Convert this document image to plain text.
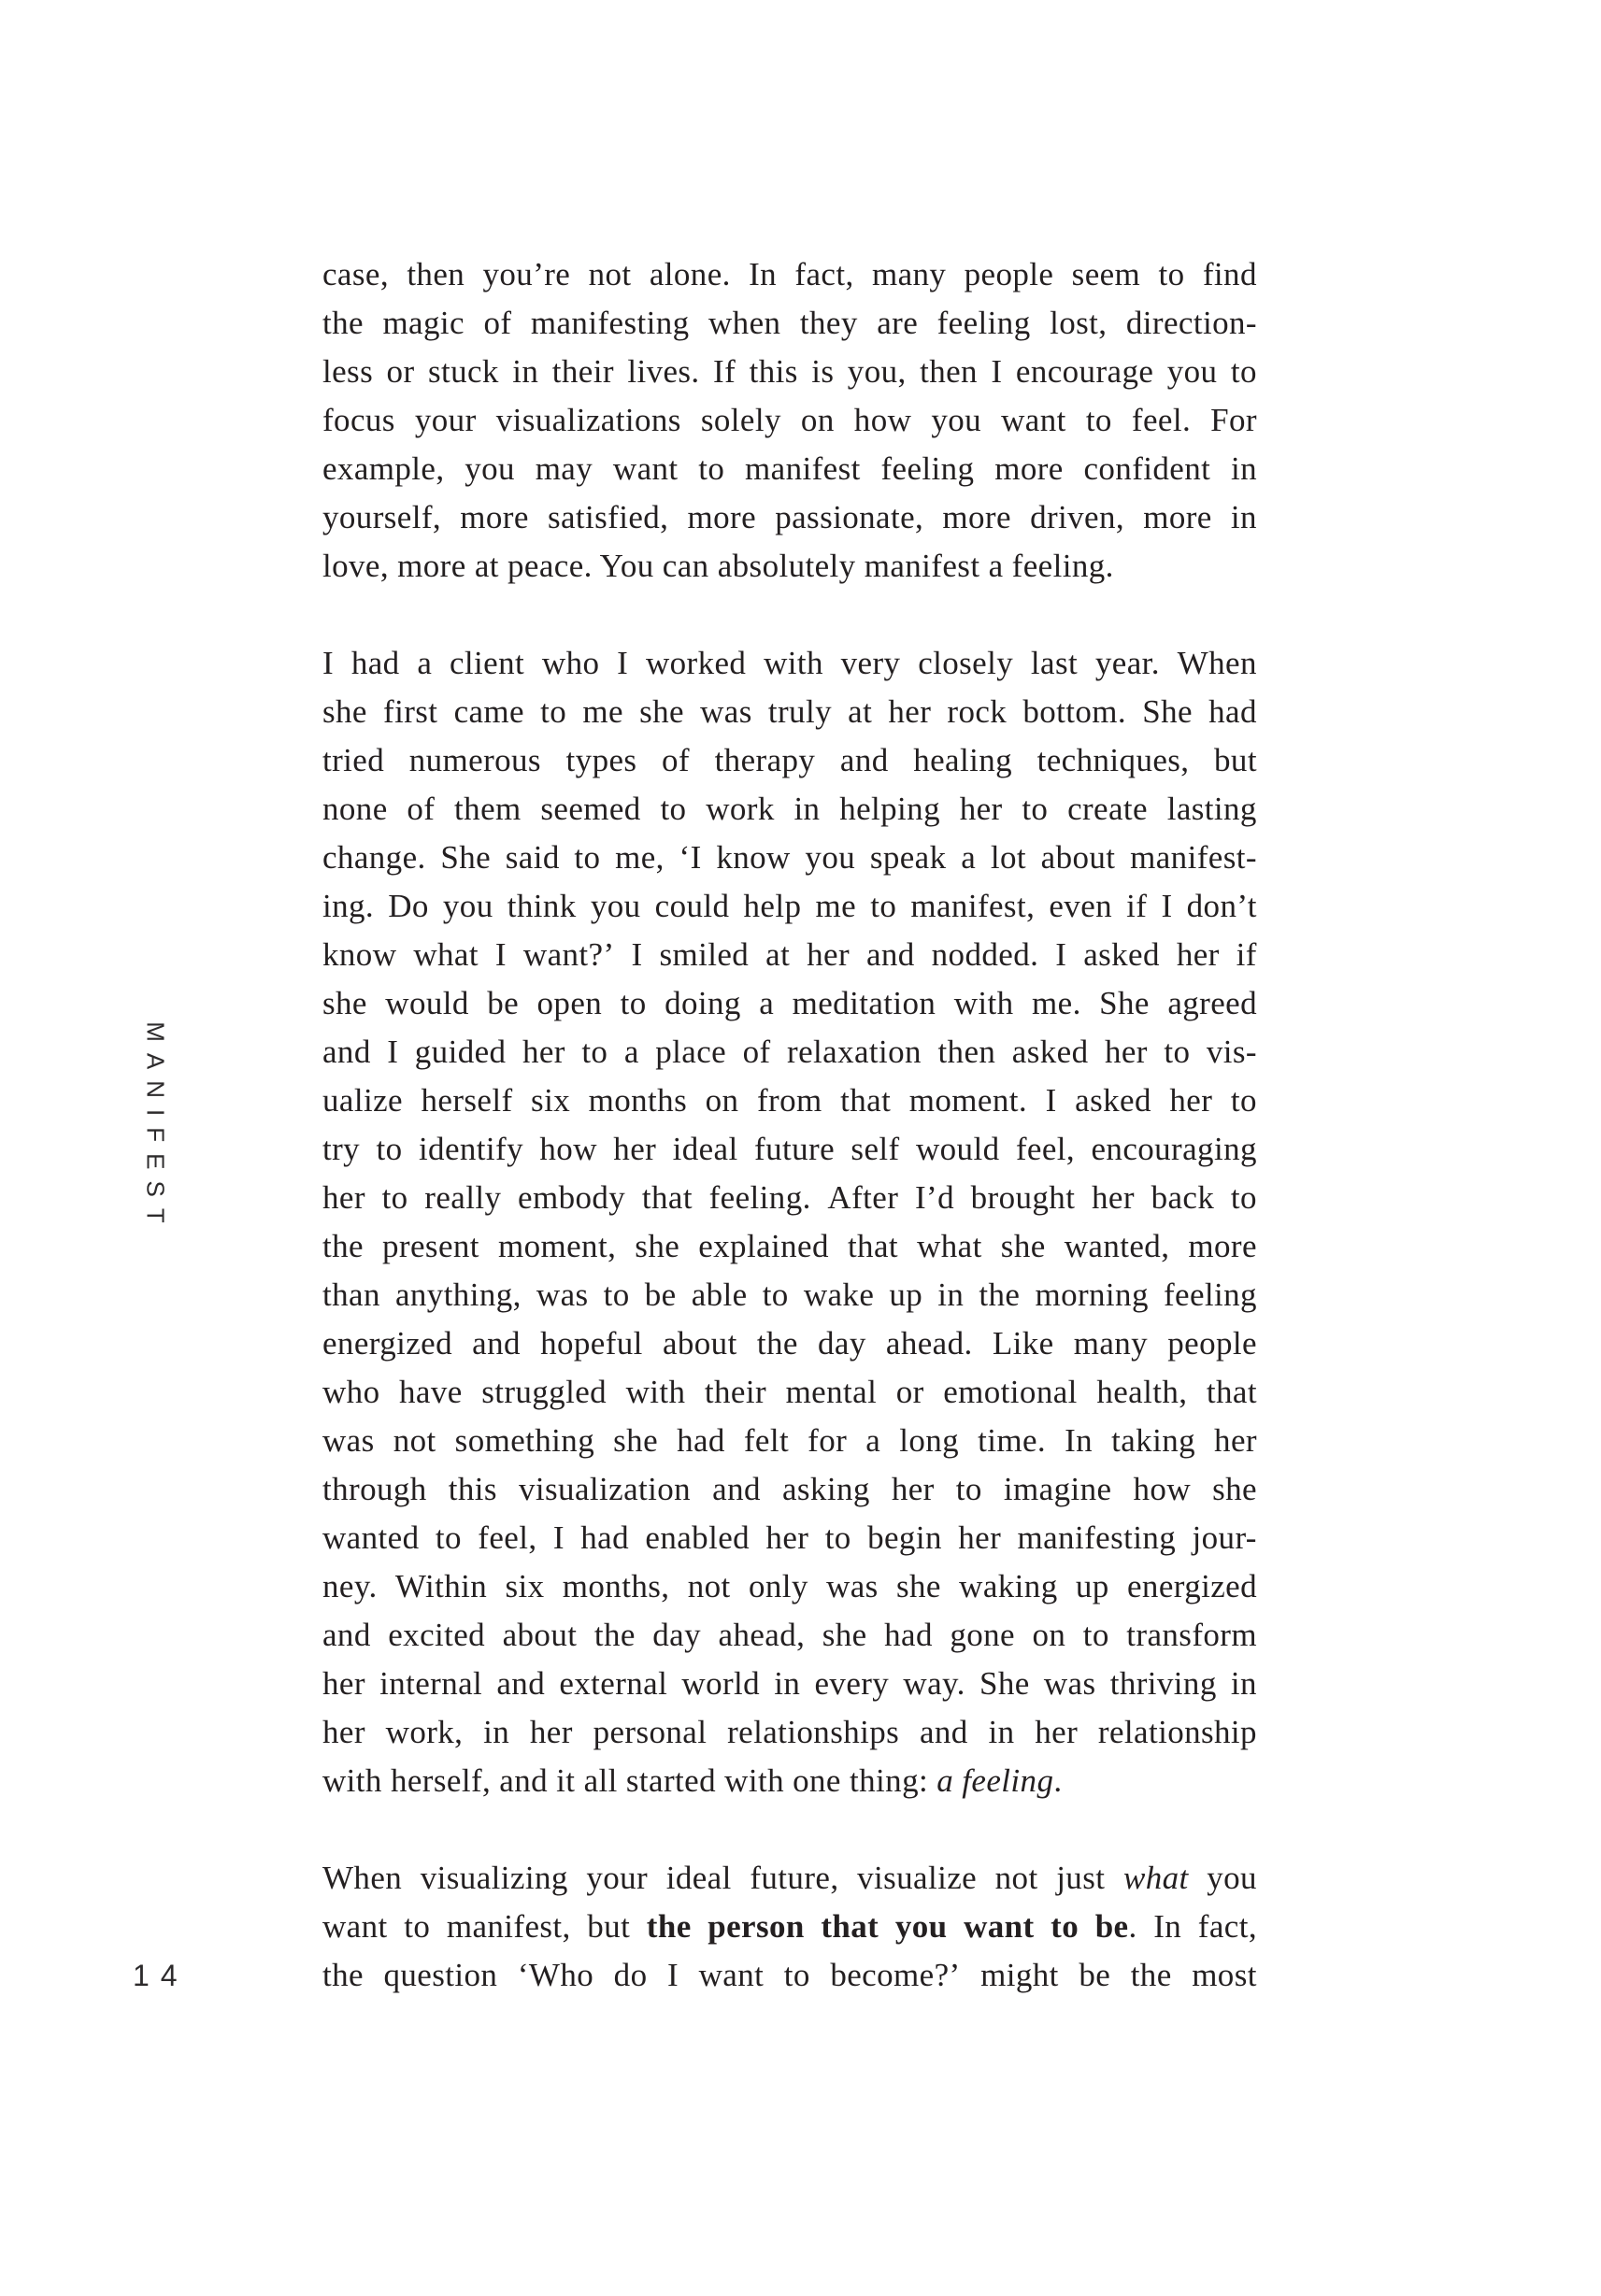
MANIFEST
case, then you’re not alone. In fact, many people seem to find
the magic of manifesting when they are feeling lost, direction-
less or stuck in their lives. If this is you, then I encourage you to
focus your visualizations solely on how you want to feel. For
example, you may want to manifest feeling more confident in
yourself, more satisfied, more passionate, more driven, more in
love, more at peace. You can absolutely manifest a feeling.
I had a client who I worked with very closely last year. When
she first came to me she was truly at her rock bottom. She had
tried numerous types of therapy and healing techniques, but
none of them seemed to work in helping her to create lasting
change. She said to me, ‘I know you speak a lot about manifest-
ing. Do you think you could help me to manifest, even if I don’t
know what I want?’ I smiled at her and nodded. I asked her if
she would be open to doing a meditation with me. She agreed
and I guided her to a place of relaxation then asked her to vis-
ualize herself six months on from that moment. I asked her to
try to identify how her ideal future self would feel, encouraging
her to really embody that feeling. After I’d brought her back to
the present moment, she explained that what she wanted, more
than anything, was to be able to wake up in the morning feeling
energized and hopeful about the day ahead. Like many people
who have struggled with their mental or emotional health, that
was not something she had felt for a long time. In taking her
through this visualization and asking her to imagine how she
wanted to feel, I had enabled her to begin her manifesting jour-
ney. Within six months, not only was she waking up energized
and excited about the day ahead, she had gone on to transform
her internal and external world in every way. She was thriving in
her work, in her personal relationships and in her relationship
with herself, and it all started with one thing: a feeling.
When visualizing your ideal future, visualize not just what you
want to manifest, but the person that you want to be. In fact,
the question ‘Who do I want to become?’ might be the most
14
